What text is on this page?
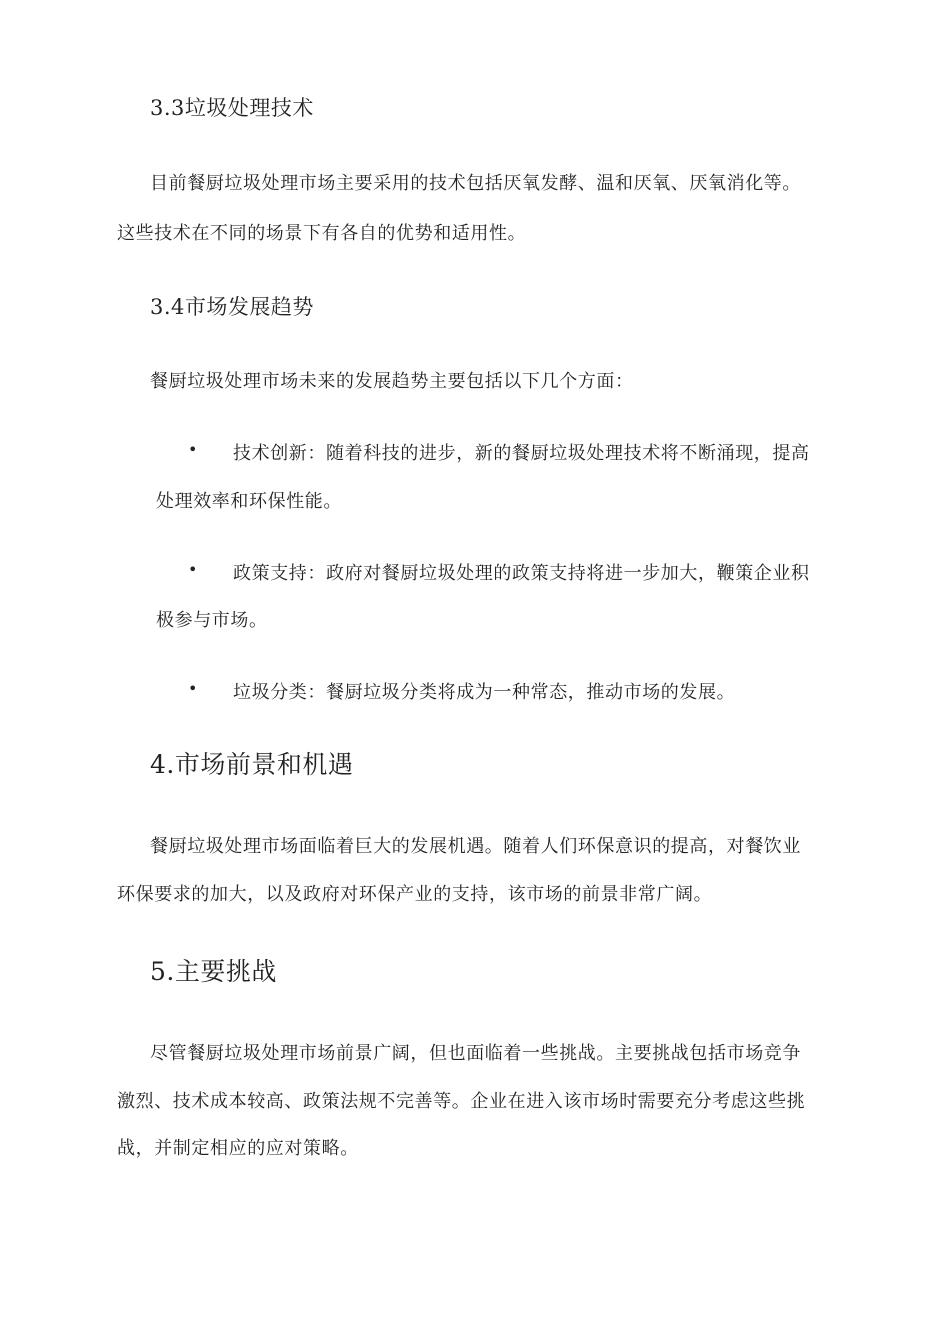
3.3垃圾处理技术
目前餐厨垃圾处理市场主要采用的技术包括厌氧发酵、温和厌氧、厌氧消化等。
这些技术在不同的场景下有各自的优势和适用性。
3.4市场发展趋势
餐厨垃圾处理市场未来的发展趋势主要包括以下几个方面：
• 技术创新：随着科技的进步，新的餐厨垃圾处理技术将不断涌现，提高
处理效率和环保性能。
• 政策支持：政府对餐厨垃圾处理的政策支持将进一步加大，鞭策企业积
极参与市场。
• 垃圾分类：餐厨垃圾分类将成为一种常态，推动市场的发展。
4.市场前景和机遇
餐厨垃圾处理市场面临着巨大的发展机遇。随着人们环保意识的提高，对餐饮业
环保要求的加大，以及政府对环保产业的支持，该市场的前景非常广阔。
5.主要挑战
尽管餐厨垃圾处理市场前景广阔，但也面临着一些挑战。主要挑战包括市场竞争
激烈、技术成本较高、政策法规不完善等。企业在进入该市场时需要充分考虑这些挑
战，并制定相应的应对策略。
